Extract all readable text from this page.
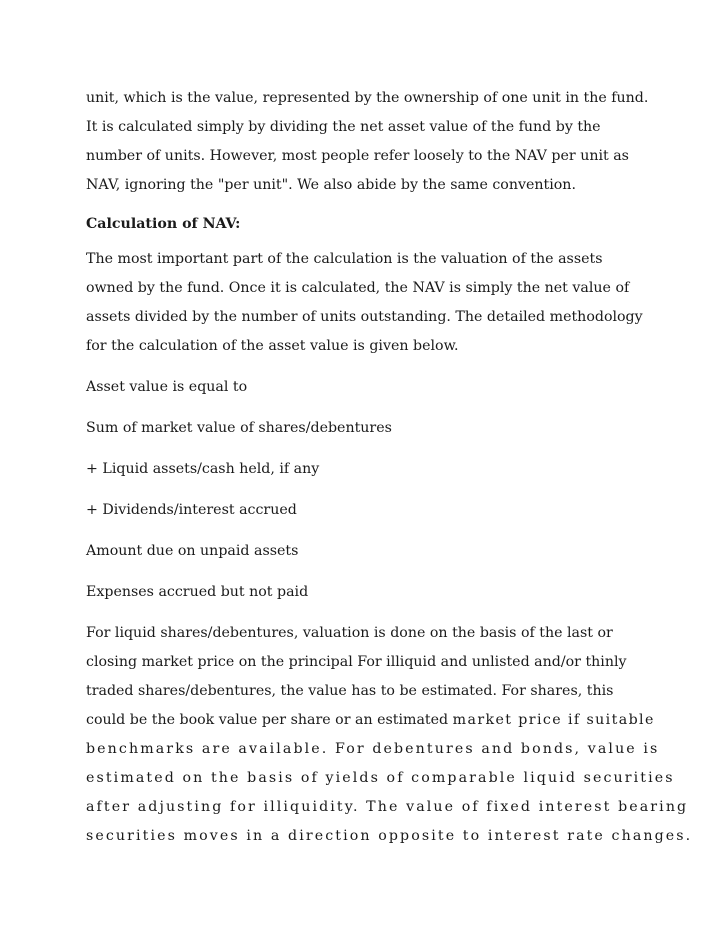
unit, which is the value, represented by the ownership of one unit in the fund.

It is calculated simply by dividing the net asset value of the fund by the

number of units. However, most people refer loosely to the NAV per unit as

NAV, ignoring the "per unit". We also abide by the same convention.

Calculation of NAV:

The most important part of the calculation is the valuation of the assets

owned by the fund. Once it is calculated, the NAV is simply the net value of

assets divided by the number of units outstanding. The detailed methodology

for the calculation of the asset value is given below.

Asset value is equal to

Sum of market value of shares/debentures

+ Liquid assets/cash held, if any

+ Dividends/interest accrued

Amount due on unpaid assets

Expenses accrued but not paid

For liquid shares/debentures, valuation is done on the basis of the last or

closing market price on the principal For illiquid and unlisted and/or thinly

traded shares/debentures, the value has to be estimated. For shares, this

could be the book value per share or an estimated market price if suitable

benchmarks are available. For debentures and bonds, value is

estimated on the basis of yields of comparable liquid securities

after adjusting for illiquidity. The value of fixed interest bearing

securities moves in a direction opposite to interest rate changes.
